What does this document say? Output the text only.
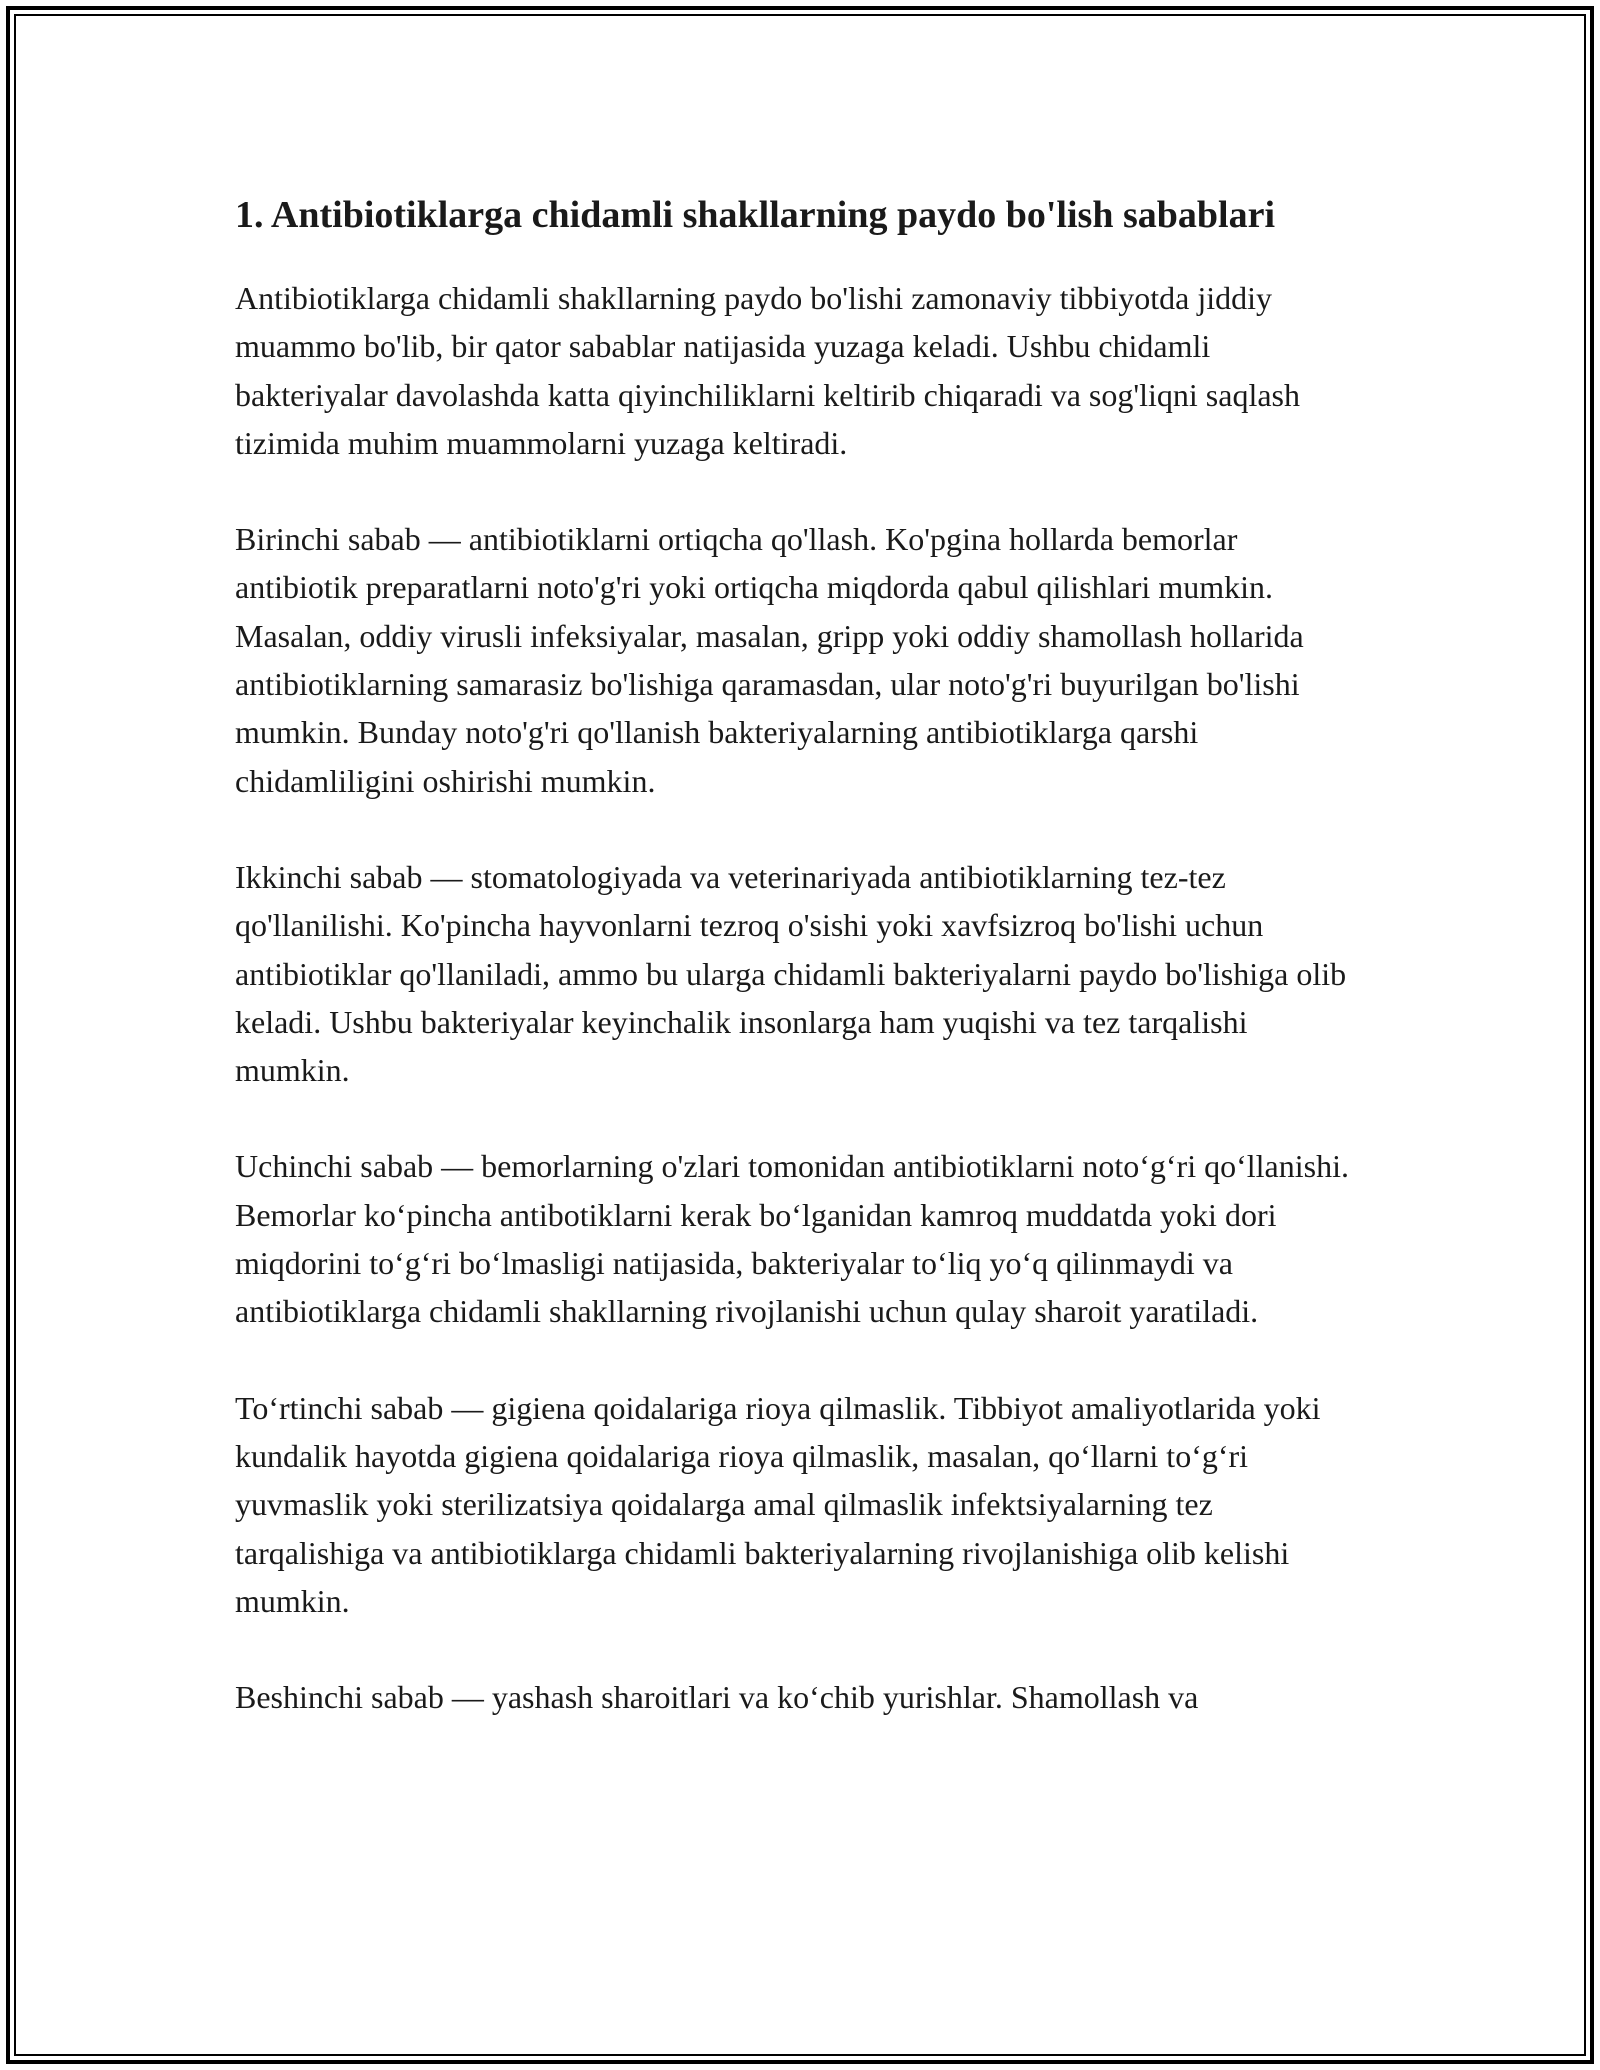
1. Antibiotiklarga chidamli shakllarning paydo bo'lish sabablari

Antibiotiklarga chidamli shakllarning paydo bo'lishi zamonaviy tibbiyotda jiddiy muammo bo'lib, bir qator sabablar natijasida yuzaga keladi. Ushbu chidamli bakteriyalar davolashda katta qiyinchiliklarni keltirib chiqaradi va sog'liqni saqlash tizimida muhim muammolarni yuzaga keltiradi.

Birinchi sabab — antibiotiklarni ortiqcha qo'llash. Ko'pgina hollarda bemorlar antibiotik preparatlarni noto'g'ri yoki ortiqcha miqdorda qabul qilishlari mumkin. Masalan, oddiy virusli infeksiyalar, masalan, gripp yoki oddiy shamollash hollarida antibiotiklarning samarasiz bo'lishiga qaramasdan, ular noto'g'ri buyurilgan bo'lishi mumkin. Bunday noto'g'ri qo'llanish bakteriyalarning antibiotiklarga qarshi chidamliligini oshirishi mumkin.

Ikkinchi sabab — stomatologiyada va veterinariyada antibiotiklarning tez-tez qo'llanilishi. Ko'pincha hayvonlarni tezroq o'sishi yoki xavfsizroq bo'lishi uchun antibiotiklar qo'llaniladi, ammo bu ularga chidamli bakteriyalarni paydo bo'lishiga olib keladi. Ushbu bakteriyalar keyinchalik insonlarga ham yuqishi va tez tarqalishi mumkin.

Uchinchi sabab — bemorlarning o'zlari tomonidan antibiotiklarni noto‘g‘ri qo‘llanishi. Bemorlar ko‘pincha antibotiklarni kerak bo‘lganidan kamroq muddatda yoki dori miqdorini to‘g‘ri bo‘lmasligi natijasida, bakteriyalar to‘liq yo‘q qilinmaydi va antibiotiklarga chidamli shakllarning rivojlanishi uchun qulay sharoit yaratiladi.

To‘rtinchi sabab — gigiena qoidalariga rioya qilmaslik. Tibbiyot amaliyotlarida yoki kundalik hayotda gigiena qoidalariga rioya qilmaslik, masalan, qo‘llarni to‘g‘ri yuvmaslik yoki sterilizatsiya qoidalarga amal qilmaslik infektsiyalarning tez tarqalishiga va antibiotiklarga chidamli bakteriyalarning rivojlanishiga olib kelishi mumkin.

Beshinchi sabab — yashash sharoitlari va ko‘chib yurishlar. Shamollash va
